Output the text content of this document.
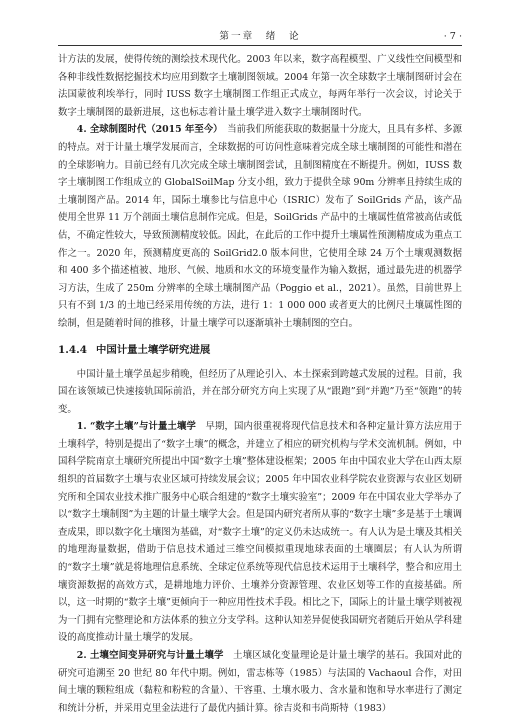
第一章　绪　论	· 7 ·

计方法的发展，使得传统的测绘技术现代化。2003 年以来，数字高程模型、广义线性空间模型和各种非线性数据挖掘技术均应用到数字土壤制图领域。2004 年第一次全球数字土壤制图研讨会在法国蒙彼利埃举行，同时 IUSS 数字土壤制图工作组正式成立，每两年举行一次会议，讨论关于数字土壤制图的最新进展，这也标志着计量土壤学进入数字土壤制图时代。

4. 全球制图时代（2015 年至今）　当前我们所能获取的数据量十分庞大，且具有多样、多源的特点。对于计量土壤学发展而言，全球数据的可访问性意味着完成全球土壤制图的可能性和潜在的全球影响力。目前已经有几次完成全球土壤制图尝试，且制图精度在不断提升。例如，IUSS 数字土壤制图工作组成立的 GlobalSoilMap 分支小组，致力于提供全球 90m 分辨率且持续生成的土壤制图产品。2014 年，国际土壤参比与信息中心（ISRIC）发布了 SoilGrids 产品，该产品使用全世界 11 万个剖面土壤信息制作完成。但是，SoilGrids 产品中的土壤属性值常被高估或低估，不确定性较大，导致预测精度较低。因此，在此后的工作中提升土壤属性预测精度成为重点工作之一。2020 年，预测精度更高的 SoilGrid2.0 版本问世，它使用全球 24 万个土壤观测数据和 400 多个描述植被、地形、气候、地质和水文的环境变量作为输入数据，通过最先进的机器学习方法，生成了 250m 分辨率的全球土壤制图产品（Poggio et al.，2021）。虽然，目前世界上只有不到 1/3 的土地已经采用传统的方法，进行 1：1 000 000 或者更大的比例尺土壤属性图的绘制，但是随着时间的推移，计量土壤学可以逐渐填补土壤制图的空白。

1.4.4 中国计量土壤学研究进展

中国计量土壤学虽起步稍晚，但经历了从理论引入、本土探索到跨越式发展的过程。目前，我国在该领域已快速接轨国际前沿，并在部分研究方向上实现了从“跟跑”到“并跑”乃至“领跑”的转变。

1. “数字土壤”与计量土壤学　早期，国内很重视将现代信息技术和各种定量计算方法应用于土壤科学，特别是提出了“数字土壤”的概念，并建立了相应的研究机构与学术交流机制。例如，中国科学院南京土壤研究所提出中国“数字土壤”整体建设框架；2005 年由中国农业大学在山西太原组织的首届数字土壤与农业区域可持续发展会议；2005 年中国农业科学院农业资源与农业区划研究所和全国农业技术推广服务中心联合组建的“数字土壤实验室”；2009 年在中国农业大学举办了以“数字土壤制图”为主题的计量土壤学大会。但是国内研究者所从事的“数字土壤”多是基于土壤调查成果，即以数字化土壤图为基础，对“数字土壤”的定义仍未达成统一。有人认为是土壤及其相关的地理海量数据，借助于信息技术通过三维空间模拟重现地球表面的土壤圈层；有人认为所谓的“数字土壤”就是将地理信息系统、全球定位系统等现代信息技术运用于土壤科学，整合和应用土壤资源数据的高效方式，是耕地地力评价、土壤养分资源管理、农业区划等工作的直接基础。所以，这一时期的“数字土壤”更倾向于一种应用性技术手段。相比之下，国际上的计量土壤学则被视为一门拥有完整理论和方法体系的独立分支学科。这种认知差异促使我国研究者随后开始从学科建设的高度推动计量土壤学的发展。

2. 土壤空间变异研究与计量土壤学　土壤区域化变量理论是计量土壤学的基石。我国对此的研究可追溯至 20 世纪 80 年代中期。例如，雷志栋等（1985）与法国的 Vachaoul 合作，对田间土壤的颗粒组成（黏粒和粉粒的含量）、干容重、土壤水吸力、含水量和饱和导水率进行了测定和统计分析，并采用克里金法进行了最优内插计算。徐吉炎和韦尚斯特（1983）
